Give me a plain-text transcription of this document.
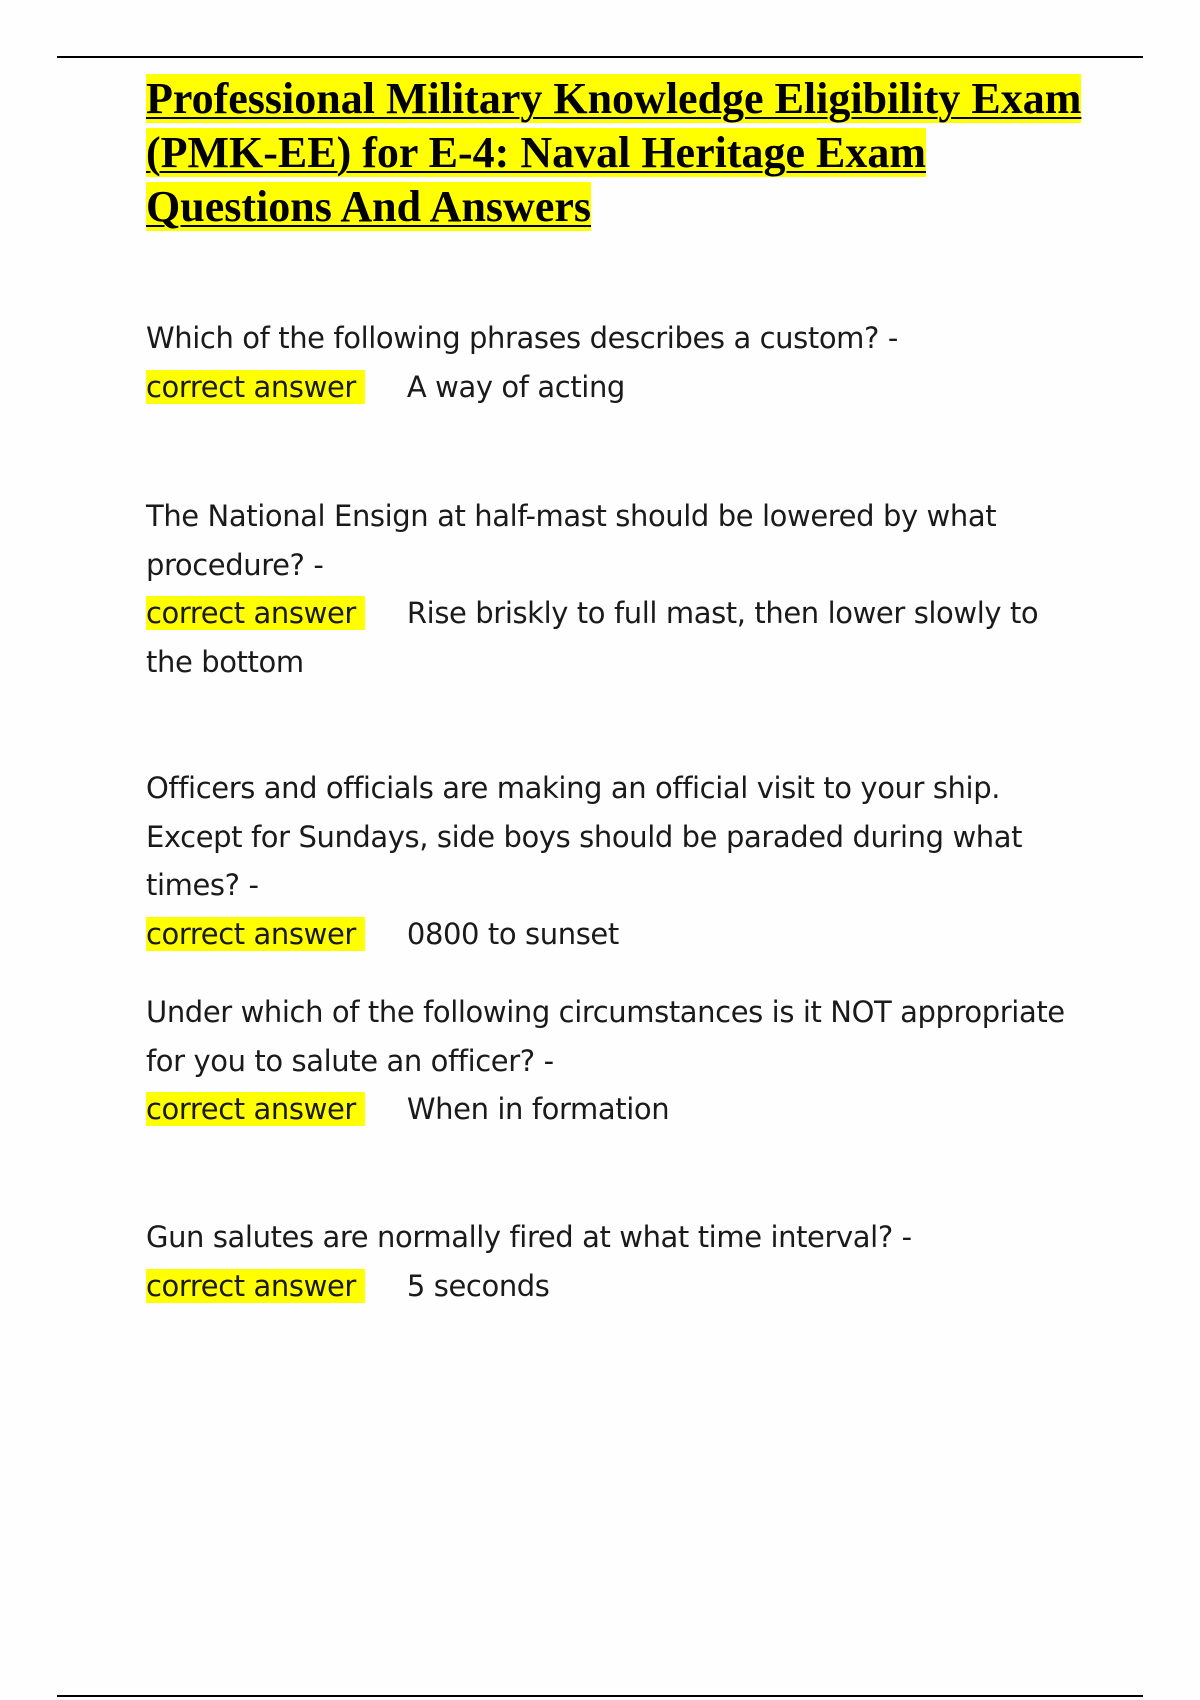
Professional Military Knowledge Eligibility Exam (PMK-EE) for E-4: Naval Heritage Exam Questions And Answers
Which of the following phrases describes a custom? -
correct answer A way of acting
The National Ensign at half-mast should be lowered by what procedure? -
correct answer Rise briskly to full mast, then lower slowly to the bottom
Officers and officials are making an official visit to your ship. Except for Sundays, side boys should be paraded during what times? -
correct answer 0800 to sunset
Under which of the following circumstances is it NOT appropriate for you to salute an officer? -
correct answer When in formation
Gun salutes are normally fired at what time interval? -
correct answer 5 seconds
